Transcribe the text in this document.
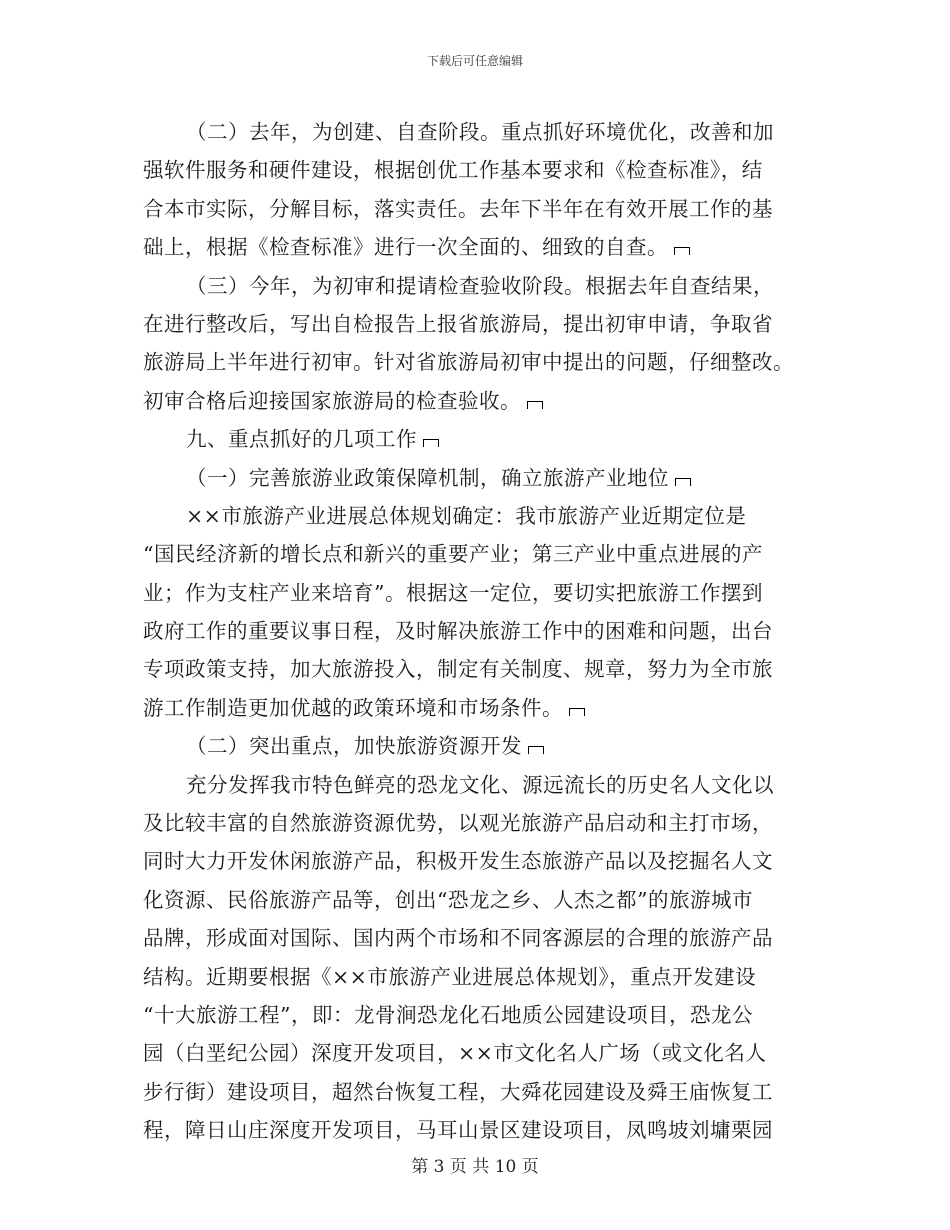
下载后可任意编辑
（二）去年，为创建、自查阶段。重点抓好环境优化，改善和加
强软件服务和硬件建设，根据创优工作基本要求和《检查标准》，结
合本市实际，分解目标，落实责任。去年下半年在有效开展工作的基
础上，根据《检查标准》进行一次全面的、细致的自查。
（三）今年，为初审和提请检查验收阶段。根据去年自查结果，
在进行整改后，写出自检报告上报省旅游局，提出初审申请，争取省
旅游局上半年进行初审。针对省旅游局初审中提出的问题，仔细整改。
初审合格后迎接国家旅游局的检查验收。
九、重点抓好的几项工作
（一）完善旅游业政策保障机制，确立旅游产业地位
××市旅游产业进展总体规划确定：我市旅游产业近期定位是
“国民经济新的增长点和新兴的重要产业；第三产业中重点进展的产
业；作为支柱产业来培育”。根据这一定位，要切实把旅游工作摆到
政府工作的重要议事日程，及时解决旅游工作中的困难和问题，出台
专项政策支持，加大旅游投入，制定有关制度、规章，努力为全市旅
游工作制造更加优越的政策环境和市场条件。
（二）突出重点，加快旅游资源开发
充分发挥我市特色鲜亮的恐龙文化、源远流长的历史名人文化以
及比较丰富的自然旅游资源优势，以观光旅游产品启动和主打市场，
同时大力开发休闲旅游产品，积极开发生态旅游产品以及挖掘名人文
化资源、民俗旅游产品等，创出“恐龙之乡、人杰之都”的旅游城市
品牌，形成面对国际、国内两个市场和不同客源层的合理的旅游产品
结构。近期要根据《××市旅游产业进展总体规划》，重点开发建设
“十大旅游工程”，即：龙骨涧恐龙化石地质公园建设项目，恐龙公
园（白垩纪公园）深度开发项目，××市文化名人广场（或文化名人
步行街）建设项目，超然台恢复工程，大舜花园建设及舜王庙恢复工
程，障日山庄深度开发项目，马耳山景区建设项目，凤鸣坡刘墉栗园
第 3 页 共 10 页
